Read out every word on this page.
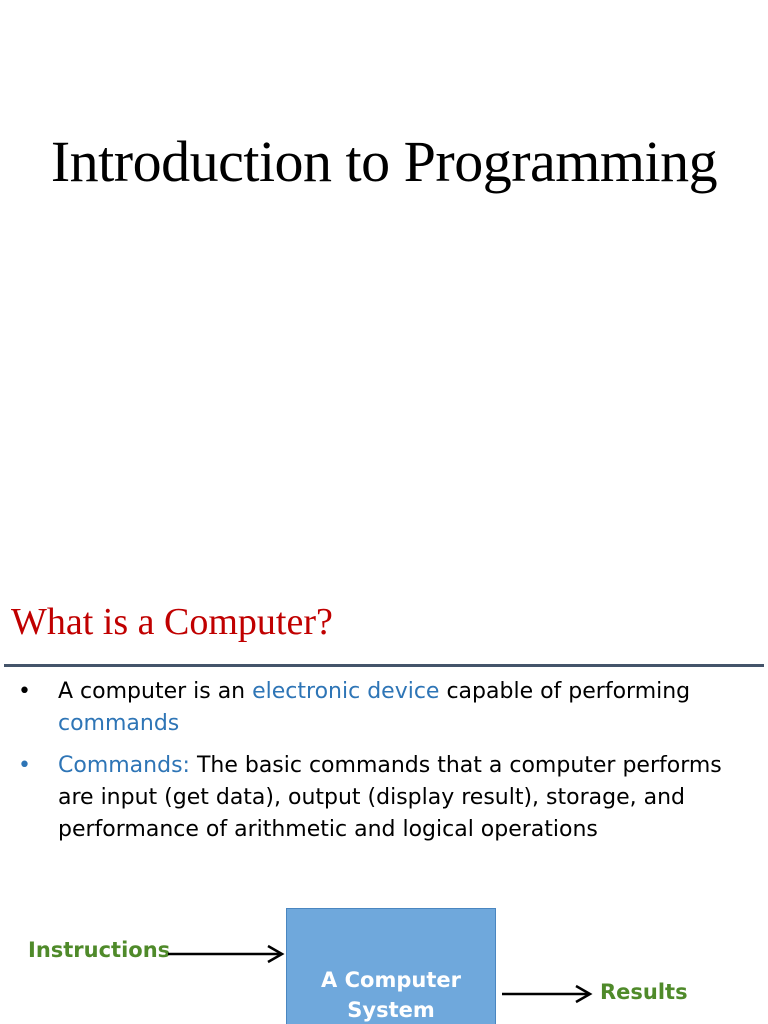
Introduction to Programming
What is a Computer?
•	A computer is an electronic device capable of performing commands
•	Commands: The basic commands that a computer performs are input (get data), output (display result), storage, and performance of arithmetic and logical operations
Instructions
A Computer
System
Results
